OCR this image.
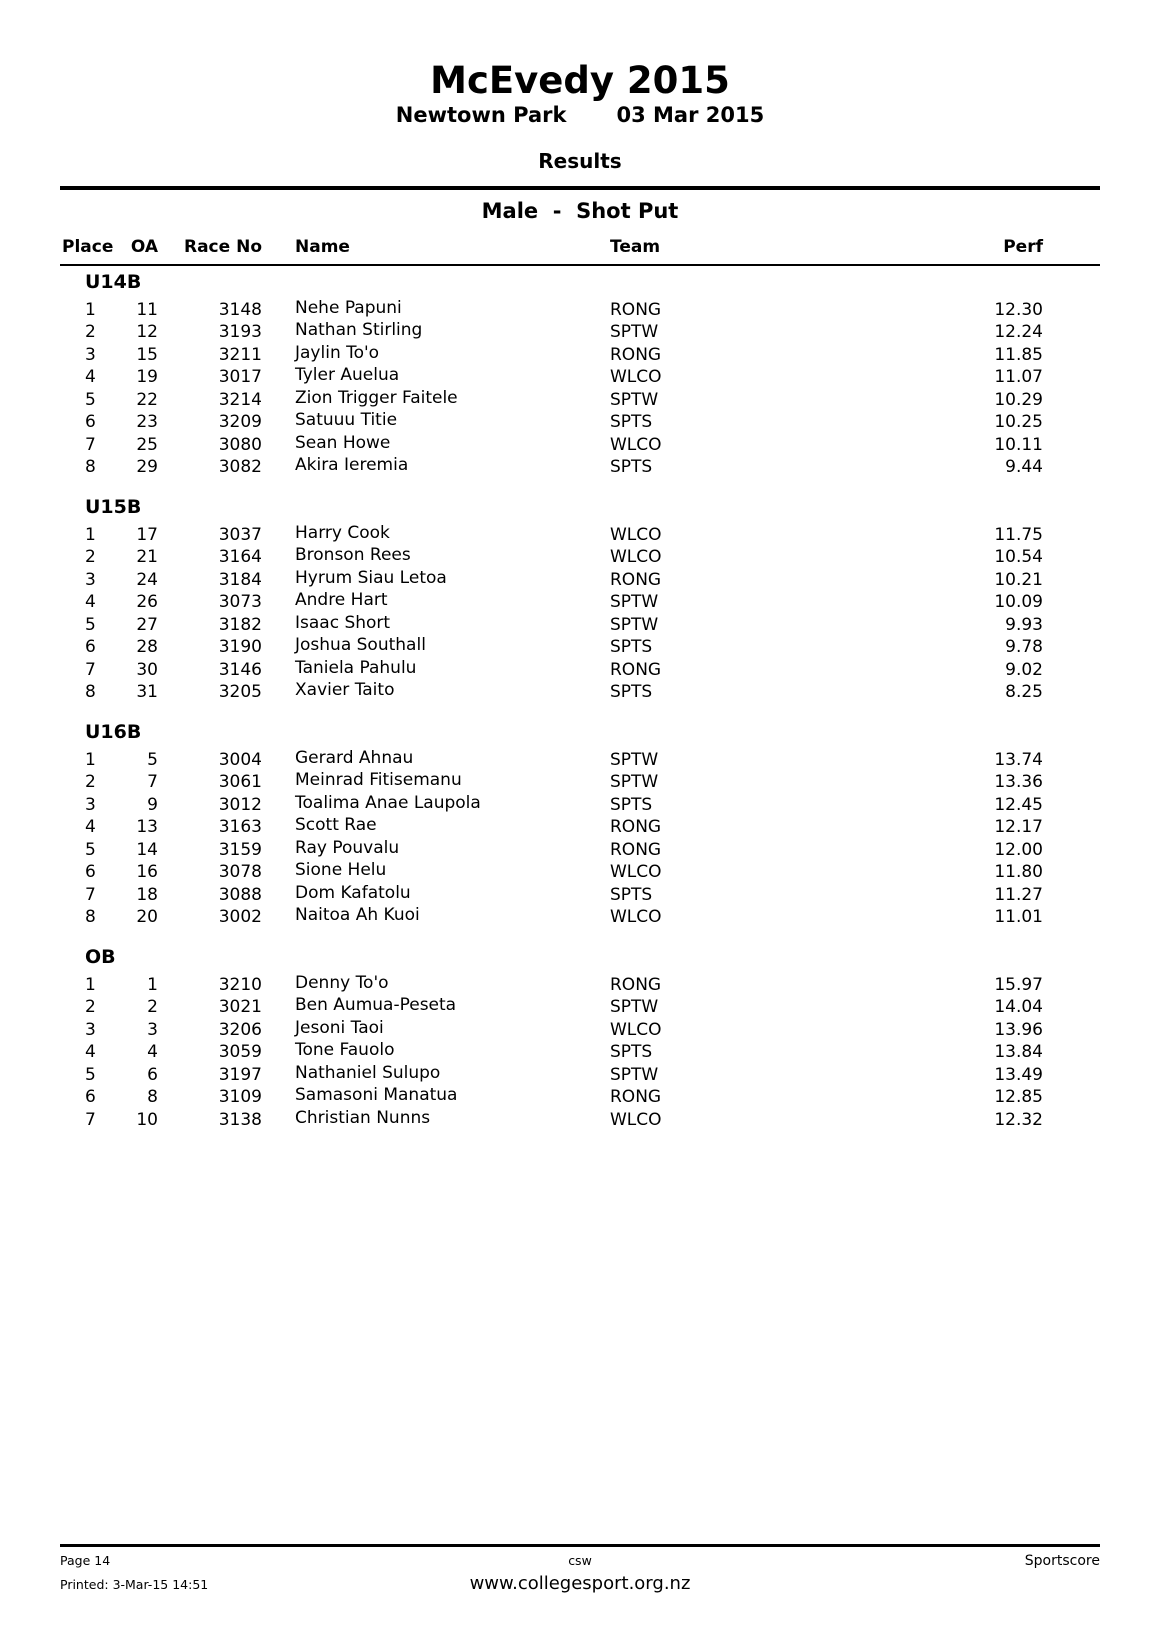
McEvedy 2015
Newtown Park 03 Mar 2015
Results
Male  -  Shot Put
Place	OA	Race No	Name	Team	Perf
U14B
1	11	3148	Nehe Papuni	RONG	12.30
2	12	3193	Nathan Stirling	SPTW	12.24
3	15	3211	Jaylin To'o	RONG	11.85
4	19	3017	Tyler Auelua	WLCO	11.07
5	22	3214	Zion Trigger Faitele	SPTW	10.29
6	23	3209	Satuuu Titie	SPTS	10.25
7	25	3080	Sean Howe	WLCO	10.11
8	29	3082	Akira Ieremia	SPTS	9.44
U15B
1	17	3037	Harry Cook	WLCO	11.75
2	21	3164	Bronson Rees	WLCO	10.54
3	24	3184	Hyrum Siau Letoa	RONG	10.21
4	26	3073	Andre Hart	SPTW	10.09
5	27	3182	Isaac Short	SPTW	9.93
6	28	3190	Joshua Southall	SPTS	9.78
7	30	3146	Taniela Pahulu	RONG	9.02
8	31	3205	Xavier Taito	SPTS	8.25
U16B
1	5	3004	Gerard Ahnau	SPTW	13.74
2	7	3061	Meinrad Fitisemanu	SPTW	13.36
3	9	3012	Toalima Anae Laupola	SPTS	12.45
4	13	3163	Scott Rae	RONG	12.17
5	14	3159	Ray Pouvalu	RONG	12.00
6	16	3078	Sione Helu	WLCO	11.80
7	18	3088	Dom Kafatolu	SPTS	11.27
8	20	3002	Naitoa Ah Kuoi	WLCO	11.01
OB
1	1	3210	Denny To'o	RONG	15.97
2	2	3021	Ben Aumua-Peseta	SPTW	14.04
3	3	3206	Jesoni Taoi	WLCO	13.96
4	4	3059	Tone Fauolo	SPTS	13.84
5	6	3197	Nathaniel Sulupo	SPTW	13.49
6	8	3109	Samasoni Manatua	RONG	12.85
7	10	3138	Christian Nunns	WLCO	12.32
Page 14	csw	Sportscore
Printed: 3-Mar-15 14:51	www.collegesport.org.nz
